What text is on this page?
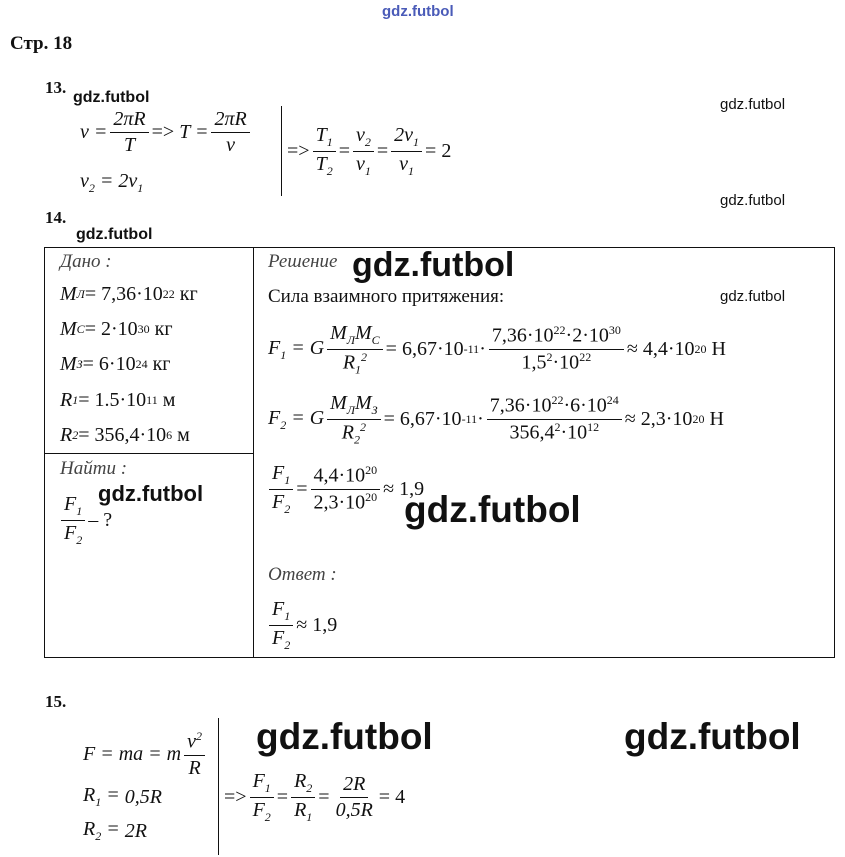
gdz.futbol
gdz.futbol	gdz.futbol
gdz.futbol
gdz.futbol
gdz.futbol
gdz.futbol
Стр. 18
13.
$v = \frac{2\pi R}{T}$ =>
$T = \frac{2\pi R}{v}$
$v_2 = 2v_1$
=> $\frac{T_1}{T_2} = \frac{v_2}{v_1} = \frac{2v_1}{v_1} = 2$
14.
Дано :
M Л = 7,36·10 22
кг
M С = 2·10 30
кг
M З = 6·10 24
кг
R 1 = 1.5·10 11
м
R 2 = 356,4·10 6
м
Найти :
$\frac{F_1}{F_2}$ – ?
Решение gdz.futbol
Сила взаимного притяжения:
$F_1 = G \frac{M_ЛM_С}{R_1^2} = 6,67\cdot 10$ $-11 \cdot \frac{7,36\cdot 10^{22}\cdot 2\cdot 10^{30}}{1,5^2\cdot 10^{22}} \approx 4,4\cdot 10$ 20
Н
$F_2 = G \frac{M_ЛM_З}{R_2^2} = 6,67\cdot 10$ $-11 \cdot \frac{7,36\cdot 10^{22}\cdot 6\cdot 10^{24}}{356,4^2\cdot 10^{12}} \approx 2,3\cdot 10$ 20
Н
$\frac{F_1}{F_2} = \frac{4,4\cdot 10^{20}}{2,3\cdot 10^{20}} \approx 1,9$
gdz.futbol
Ответ :
$\frac{F_1}{F_2} \approx 1,9$
15.
F = ma = m $\frac{v^2}{R}$
$R_1$ =
0,5R
$R_2$ =
2R
=> $\frac{F_1}{F_2} = \frac{R_2}{R_1} = \frac{2R}{0,5R} = 4$
gdz.futbol	gdz.futbol
